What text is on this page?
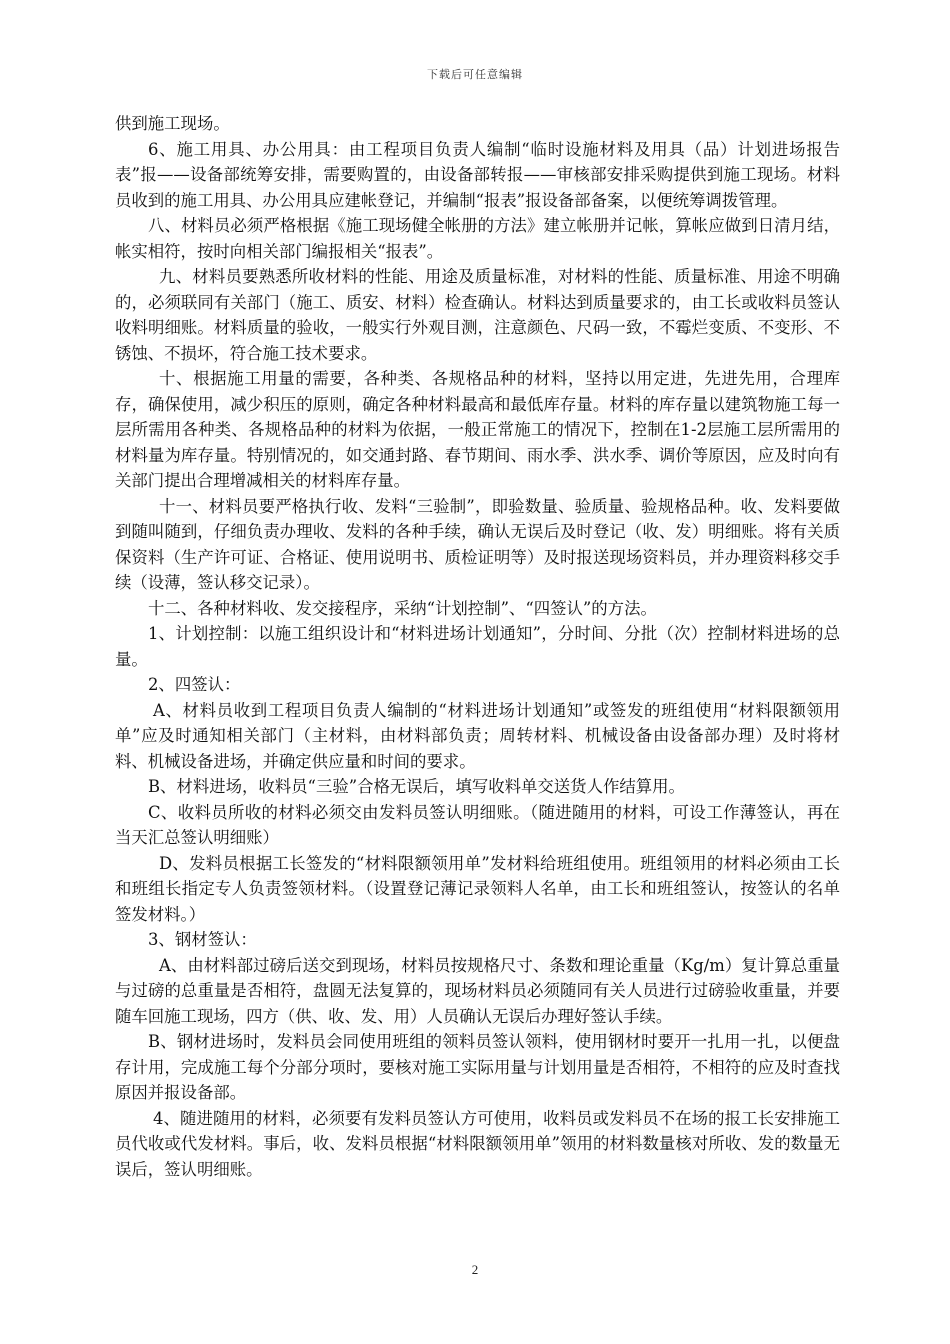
下载后可任意编辑

供到施工现场。

6、施工用具、办公用具：由工程项目负责人编制“临时设施材料及用具（品）计划进场报告表”报——设备部统筹安排，需要购置的，由设备部转报——审核部安排采购提供到施工现场。材料员收到的施工用具、办公用具应建帐登记，并编制“报表”报设备部备案，以便统筹调拨管理。

八、材料员必须严格根据《施工现场健全帐册的方法》建立帐册并记帐，算帐应做到日清月结，帐实相符，按时向相关部门编报相关“报表”。

九、材料员要熟悉所收材料的性能、用途及质量标准，对材料的性能、质量标准、用途不明确的，必须联同有关部门（施工、质安、材料）检查确认。材料达到质量要求的，由工长或收料员签认收料明细账。材料质量的验收，一般实行外观目测，注意颜色、尺码一致，不霉烂变质、不变形、不锈蚀、不损坏，符合施工技术要求。

十、根据施工用量的需要，各种类、各规格品种的材料，坚持以用定进，先进先用，合理库存，确保使用，减少积压的原则，确定各种材料最高和最低库存量。材料的库存量以建筑物施工每一层所需用各种类、各规格品种的材料为依据，一般正常施工的情况下，控制在1-2层施工层所需用的材料量为库存量。特别情况的，如交通封路、春节期间、雨水季、洪水季、调价等原因，应及时向有关部门提出合理增减相关的材料库存量。

十一、材料员要严格执行收、发料“三验制”，即验数量、验质量、验规格品种。收、发料要做到随叫随到，仔细负责办理收、发料的各种手续，确认无误后及时登记（收、发）明细账。将有关质保资料（生产许可证、合格证、使用说明书、质检证明等）及时报送现场资料员，并办理资料移交手续（设薄，签认移交记录）。

十二、各种材料收、发交接程序，采纳“计划控制”、“四签认”的方法。

1、计划控制：以施工组织设计和“材料进场计划通知”，分时间、分批（次）控制材料进场的总量。

2、四签认：

A、材料员收到工程项目负责人编制的“材料进场计划通知”或签发的班组使用“材料限额领用单”应及时通知相关部门（主材料，由材料部负责；周转材料、机械设备由设备部办理）及时将材料、机械设备进场，并确定供应量和时间的要求。

B、材料进场，收料员“三验”合格无误后，填写收料单交送货人作结算用。

C、收料员所收的材料必须交由发料员签认明细账。（随进随用的材料，可设工作薄签认，再在当天汇总签认明细账）

D、发料员根据工长签发的“材料限额领用单”发材料给班组使用。班组领用的材料必须由工长和班组长指定专人负责签领材料。（设置登记薄记录领料人名单，由工长和班组签认，按签认的名单签发材料。）

3、钢材签认：

A、由材料部过磅后送交到现场，材料员按规格尺寸、条数和理论重量（Kg/m）复计算总重量与过磅的总重量是否相符，盘圆无法复算的，现场材料员必须随同有关人员进行过磅验收重量，并要随车回施工现场，四方（供、收、发、用）人员确认无误后办理好签认手续。

B、钢材进场时，发料员会同使用班组的领料员签认领料，使用钢材时要开一扎用一扎，以便盘存计用，完成施工每个分部分项时，要核对施工实际用量与计划用量是否相符，不相符的应及时查找原因并报设备部。

4、随进随用的材料，必须要有发料员签认方可使用，收料员或发料员不在场的报工长安排施工员代收或代发材料。事后，收、发料员根据“材料限额领用单”领用的材料数量核对所收、发的数量无误后，签认明细账。

2
